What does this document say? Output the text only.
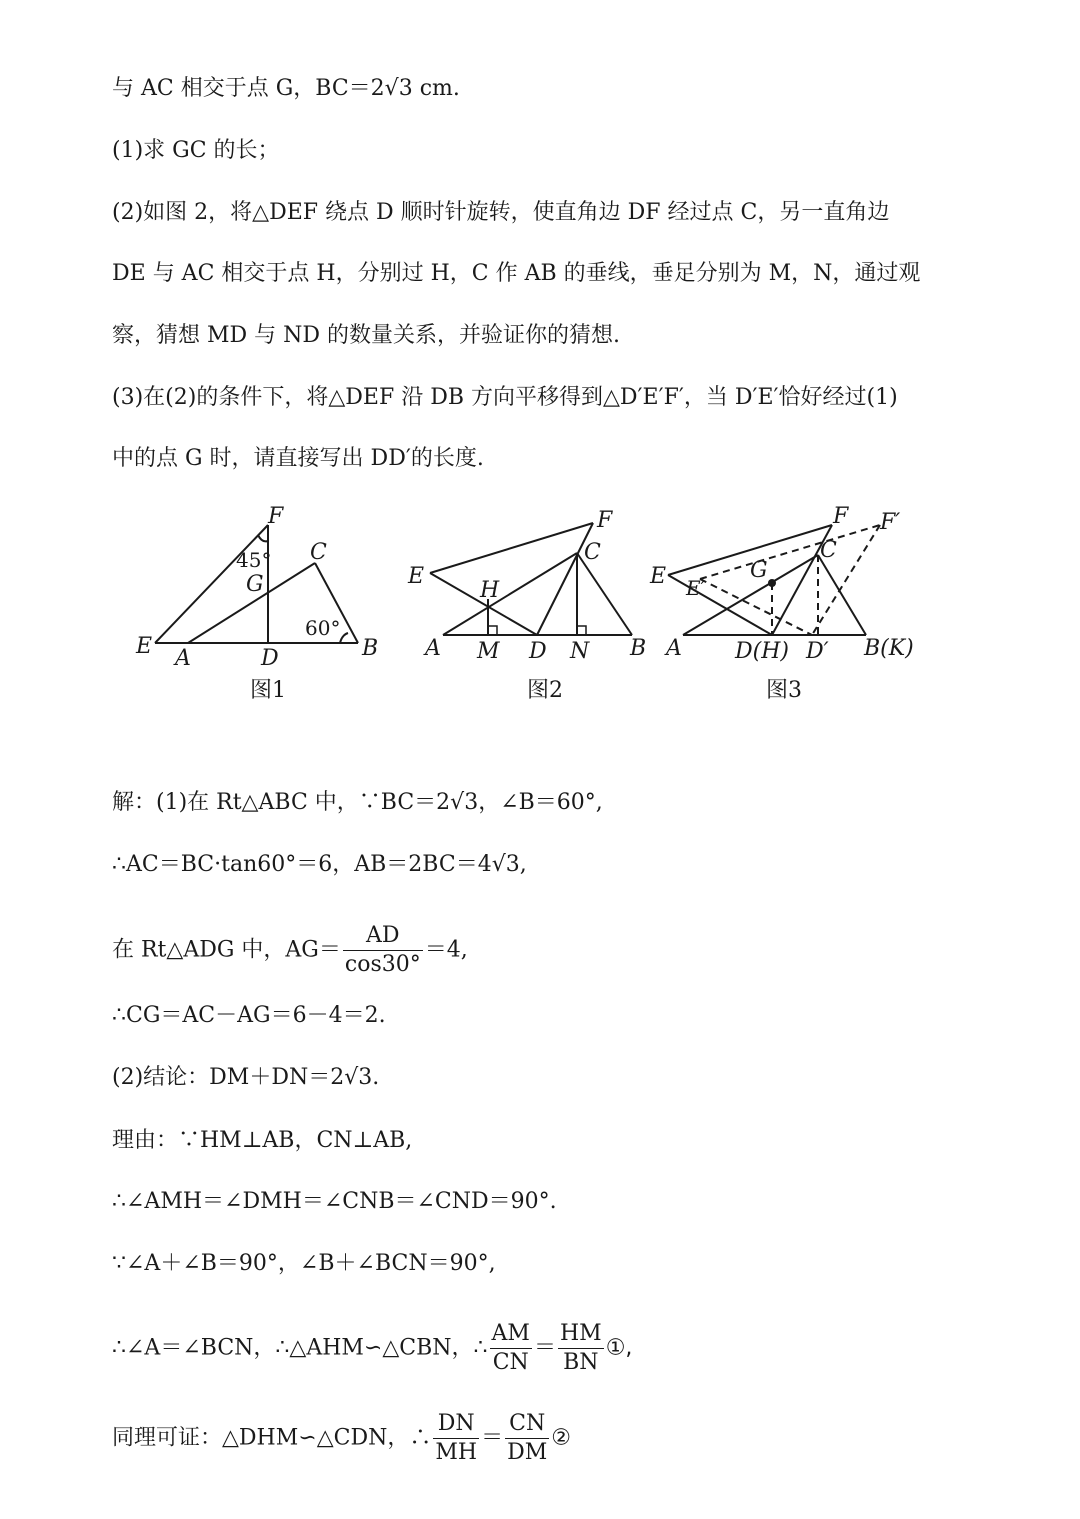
与 AC 相交于点 G，BC＝2√3 cm.
(1)求 GC 的长；
(2)如图 2，将△DEF 绕点 D 顺时针旋转，使直角边 DF 经过点 C，另一直角边
DE 与 AC 相交于点 H，分别过 H，C 作 AB 的垂线，垂足分别为 M，N，通过观
察，猜想 MD 与 ND 的数量关系，并验证你的猜想.
(3)在(2)的条件下，将△DEF 沿 DB 方向平移得到△D′E′F′，当 D′E′恰好经过(1)
中的点 G 时，请直接写出 DD′的长度.
F
45° C
G
60°
E A	D	B
图1
F
C
E
H
A M D N B
图2
F F′
C
G
E E′
A D(H) D′ B(K)
图3
解：(1)在 Rt△ABC 中，∵BC＝2√3，∠B＝60°,
∴AC＝BC·tan60°＝6，AB＝2BC＝4√3,
在 Rt△ADG 中，$AG= \frac{AD}{\cos 30^\circ} =4$,
∴CG＝AC－AG＝6－4＝2.
(2)结论：DM＋DN＝2√3.
理由：∵HM⊥AB，CN⊥AB,
∴∠AMH＝∠DMH＝∠CNB＝∠CND＝90°.
∵∠A＋∠B＝90°，∠B＋∠BCN＝90°,
∴∠A＝∠BCN，∴△AHM∽△CBN，∴ $\frac{AM}{CN} = \frac{HM}{BN}$ ①,
同理可证：△DHM∽△CDN，∴ $\frac{DN}{MH} = \frac{CN}{DM}$ ②
